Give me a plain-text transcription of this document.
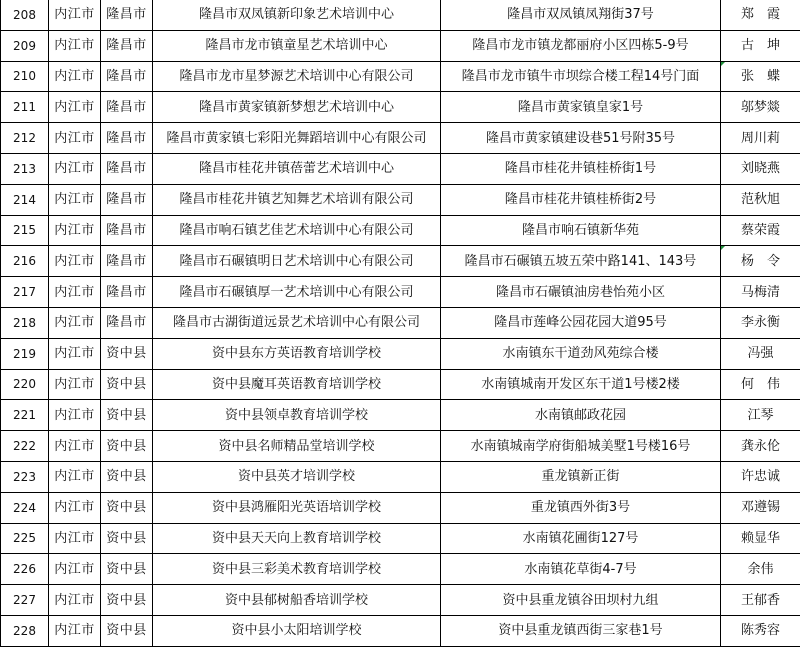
208	内江市	隆昌市	隆昌市双凤镇新印象艺术培训中心	隆昌市双凤镇凤翔街37号	郑　霞
209	内江市	隆昌市	隆昌市龙市镇童星艺术培训中心	隆昌市龙市镇龙都丽府小区四栋5-9号	古　坤
210	内江市	隆昌市	隆昌市龙市星梦源艺术培训中心有限公司	隆昌市龙市镇牛市坝综合楼工程14号门面	张　蝶
211	内江市	隆昌市	隆昌市黄家镇新梦想艺术培训中心	隆昌市黄家镇皇家1号	邬梦燚
212	内江市	隆昌市	隆昌市黄家镇七彩阳光舞蹈培训中心有限公司	隆昌市黄家镇建设巷51号附35号	周川莉
213	内江市	隆昌市	隆昌市桂花井镇蓓蕾艺术培训中心	隆昌市桂花井镇桂桥街1号	刘晓燕
214	内江市	隆昌市	隆昌市桂花井镇艺知舞艺术培训有限公司	隆昌市桂花井镇桂桥街2号	范秋旭
215	内江市	隆昌市	隆昌市响石镇艺佳艺术培训中心有限公司	隆昌市响石镇新华苑	蔡荣霞
216	内江市	隆昌市	隆昌市石碾镇明日艺术培训中心有限公司	隆昌市石碾镇五坡五荣中路141、143号	杨　令
217	内江市	隆昌市	隆昌市石碾镇厚一艺术培训中心有限公司	隆昌市石碾镇油房巷怡苑小区	马梅清
218	内江市	隆昌市	隆昌市古湖街道远景艺术培训中心有限公司	隆昌市莲峰公园花园大道95号	李永衡
219	内江市	资中县	资中县东方英语教育培训学校	水南镇东干道劲风苑综合楼	冯强
220	内江市	资中县	资中县魔耳英语教育培训学校	水南镇城南开发区东干道1号楼2楼	何　伟
221	内江市	资中县	资中县领卓教育培训学校	水南镇邮政花园	江琴
222	内江市	资中县	资中县名师精品堂培训学校	水南镇城南学府街船城美墅1号楼16号	龚永伦
223	内江市	资中县	资中县英才培训学校	重龙镇新正街	许忠诚
224	内江市	资中县	资中县鸿雁阳光英语培训学校	重龙镇西外街3号	邓遵锡
225	内江市	资中县	资中县天天向上教育培训学校	水南镇花圃街127号	赖显华
226	内江市	资中县	资中县三彩美术教育培训学校	水南镇花草街4-7号	余伟
227	内江市	资中县	资中县郁树船香培训学校	资中县重龙镇谷田坝村九组	王郁香
228	内江市	资中县	资中县小太阳培训学校	资中县重龙镇西街三家巷1号	陈秀容
